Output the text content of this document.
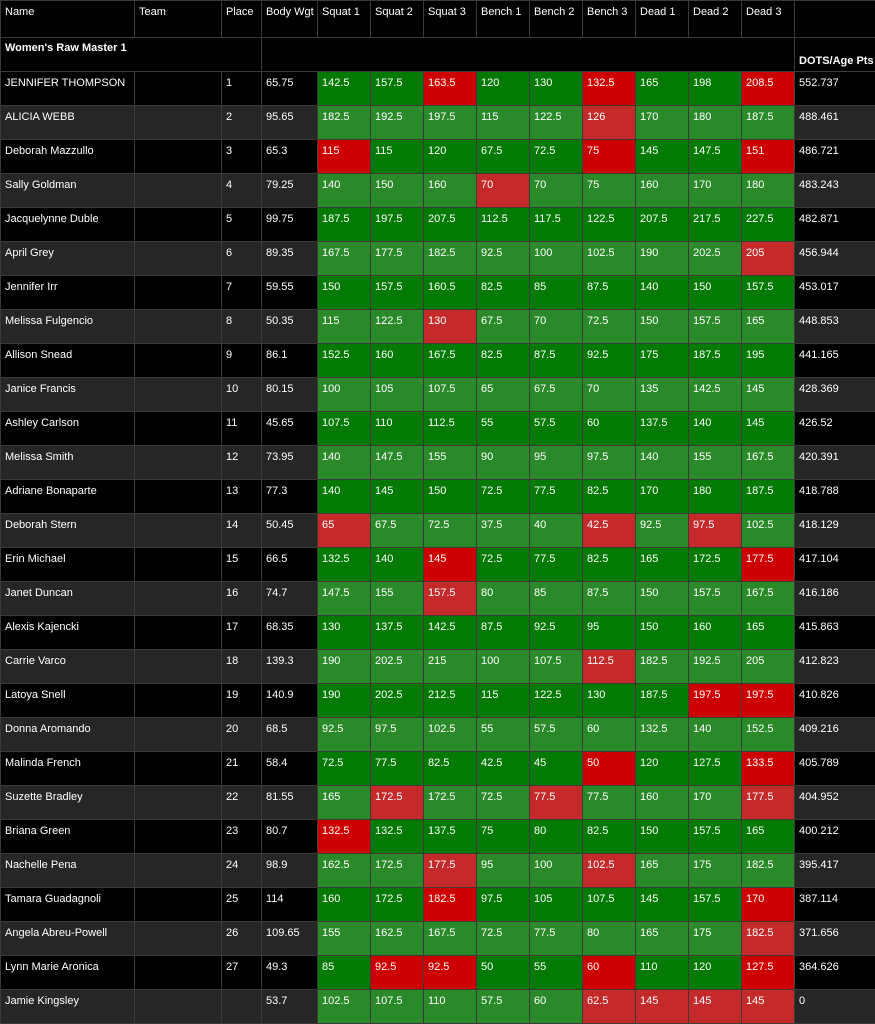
Name	Team	Place	Body Wgt	Squat 1	Squat 2	Squat 3	Bench 1	Bench 2	Bench 3	Dead 1	Dead 2	Dead 3	
Women's Raw Master 1													DOTS/Age Pts
JENNIFER THOMPSON		1	65.75	142.5	157.5	163.5	120	130	132.5	165	198	208.5	552.737
ALICIA WEBB		2	95.65	182.5	192.5	197.5	115	122.5	126	170	180	187.5	488.461
Deborah Mazzullo		3	65.3	115	115	120	67.5	72.5	75	145	147.5	151	486.721
Sally Goldman		4	79.25	140	150	160	70	70	75	160	170	180	483.243
Jacquelynne Duble		5	99.75	187.5	197.5	207.5	112.5	117.5	122.5	207.5	217.5	227.5	482.871
April Grey		6	89.35	167.5	177.5	182.5	92.5	100	102.5	190	202.5	205	456.944
Jennifer Irr		7	59.55	150	157.5	160.5	82.5	85	87.5	140	150	157.5	453.017
Melissa Fulgencio		8	50.35	115	122.5	130	67.5	70	72.5	150	157.5	165	448.853
Allison Snead		9	86.1	152.5	160	167.5	82.5	87.5	92.5	175	187.5	195	441.165
Janice Francis		10	80.15	100	105	107.5	65	67.5	70	135	142.5	145	428.369
Ashley Carlson		11	45.65	107.5	110	112.5	55	57.5	60	137.5	140	145	426.52
Melissa Smith		12	73.95	140	147.5	155	90	95	97.5	140	155	167.5	420.391
Adriane Bonaparte		13	77.3	140	145	150	72.5	77.5	82.5	170	180	187.5	418.788
Deborah Stern		14	50.45	65	67.5	72.5	37.5	40	42.5	92.5	97.5	102.5	418.129
Erin Michael		15	66.5	132.5	140	145	72.5	77.5	82.5	165	172.5	177.5	417.104
Janet Duncan		16	74.7	147.5	155	157.5	80	85	87.5	150	157.5	167.5	416.186
Alexis Kajencki		17	68.35	130	137.5	142.5	87.5	92.5	95	150	160	165	415.863
Carrie Varco		18	139.3	190	202.5	215	100	107.5	112.5	182.5	192.5	205	412.823
Latoya Snell		19	140.9	190	202.5	212.5	115	122.5	130	187.5	197.5	197.5	410.826
Donna Aromando		20	68.5	92.5	97.5	102.5	55	57.5	60	132.5	140	152.5	409.216
Malinda French		21	58.4	72.5	77.5	82.5	42.5	45	50	120	127.5	133.5	405.789
Suzette Bradley		22	81.55	165	172.5	172.5	72.5	77.5	77.5	160	170	177.5	404.952
Briana Green		23	80.7	132.5	132.5	137.5	75	80	82.5	150	157.5	165	400.212
Nachelle Pena		24	98.9	162.5	172.5	177.5	95	100	102.5	165	175	182.5	395.417
Tamara Guadagnoli		25	114	160	172.5	182.5	97.5	105	107.5	145	157.5	170	387.114
Angela Abreu-Powell		26	109.65	155	162.5	167.5	72.5	77.5	80	165	175	182.5	371.656
Lynn Marie Aronica		27	49.3	85	92.5	92.5	50	55	60	110	120	127.5	364.626
Jamie Kingsley			53.7	102.5	107.5	110	57.5	60	62.5	145	145	145	0
